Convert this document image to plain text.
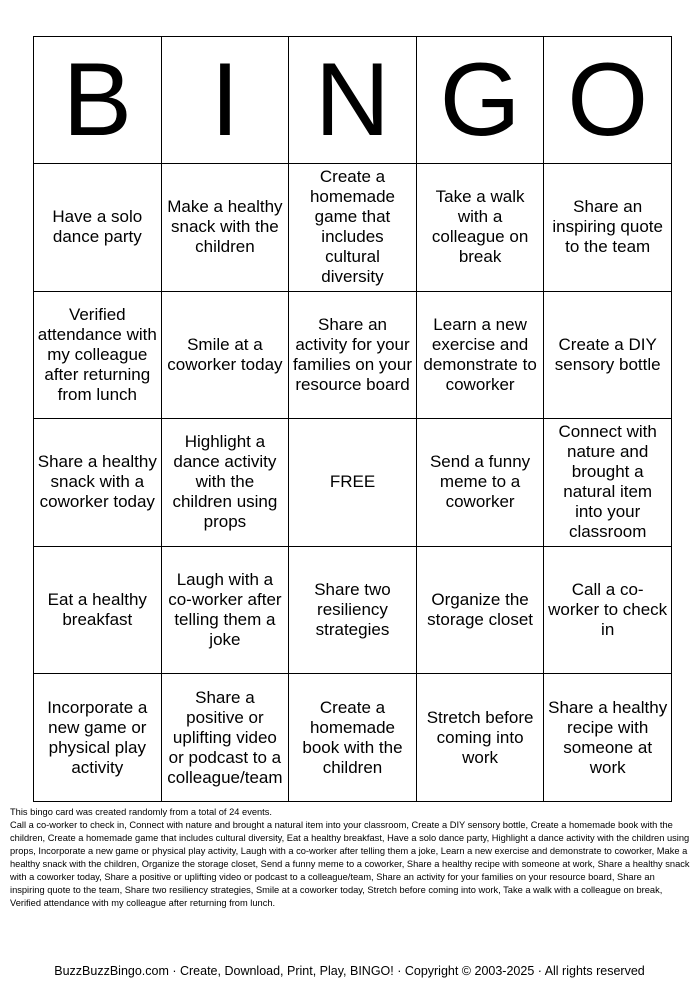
B	I	N	G	O
Have a solo dance party	Make a healthy snack with the children	Create a homemade game that includes cultural diversity	Take a walk with a colleague on break	Share an inspiring quote to the team
Verified attendance with my colleague after returning from lunch	Smile at a coworker today	Share an activity for your families on your resource board	Learn a new exercise and demonstrate to coworker	Create a DIY sensory bottle
Share a healthy snack with a coworker today	Highlight a dance activity with the children using props	FREE	Send a funny meme to a coworker	Connect with nature and brought a natural item into your classroom
Eat a healthy breakfast	Laugh with a co-worker after telling them a joke	Share two resiliency strategies	Organize the storage closet	Call a co-worker to check in
Incorporate a new game or physical play activity	Share a positive or uplifting video or podcast to a colleague/team	Create a homemade book with the children	Stretch before coming into work	Share a healthy recipe with someone at work

This bingo card was created randomly from a total of 24 events.

Call a co-worker to check in, Connect with nature and brought a natural item into your classroom, Create a DIY sensory bottle, Create a homemade book with the children, Create a homemade game that includes cultural diversity, Eat a healthy breakfast, Have a solo dance party, Highlight a dance activity with the children using props, Incorporate a new game or physical play activity, Laugh with a co-worker after telling them a joke, Learn a new exercise and demonstrate to coworker, Make a healthy snack with the children, Organize the storage closet, Send a funny meme to a coworker, Share a healthy recipe with someone at work, Share a healthy snack with a coworker today, Share a positive or uplifting video or podcast to a colleague/team, Share an activity for your families on your resource board, Share an inspiring quote to the team, Share two resiliency strategies, Smile at a coworker today, Stretch before coming into work, Take a walk with a colleague on break, Verified attendance with my colleague after returning from lunch.

BuzzBuzzBingo.com · Create, Download, Print, Play, BINGO! · Copyright © 2003-2025 · All rights reserved
